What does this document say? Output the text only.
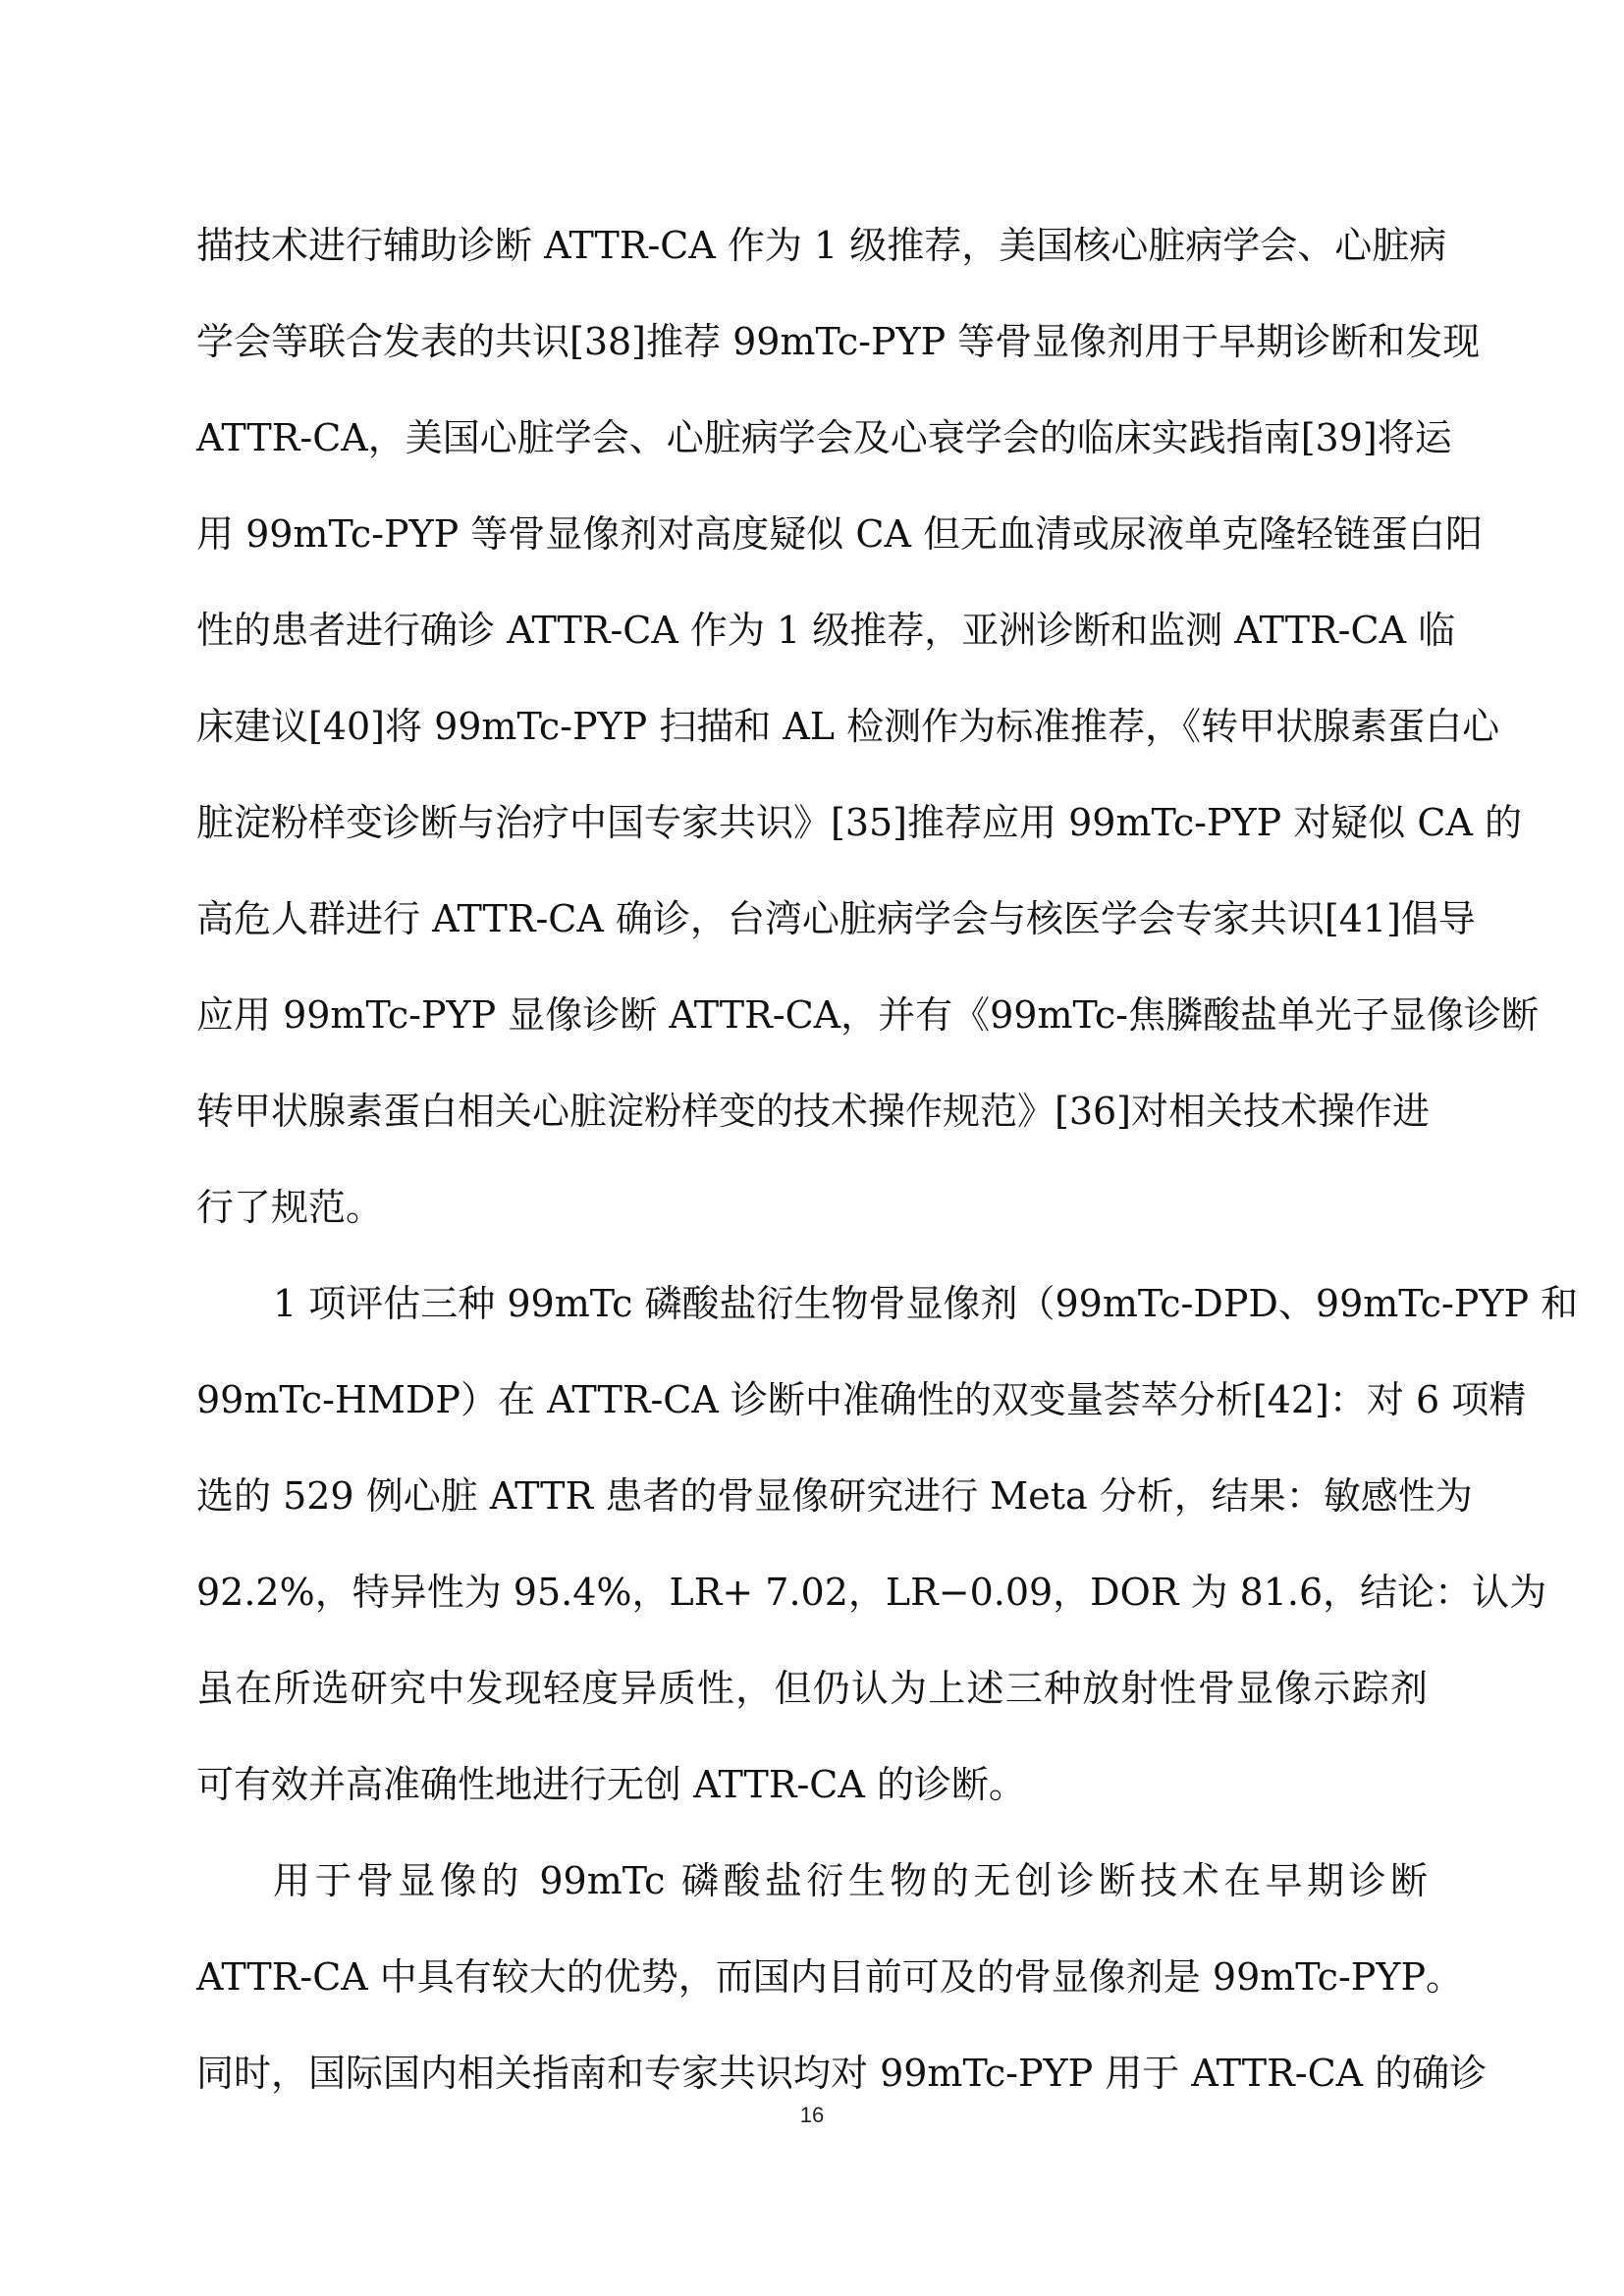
描技术进行辅助诊断 ATTR-CA 作为 1 级推荐，美国核心脏病学会、心脏病
学会等联合发表的共识[38]推荐 99mTc-PYP 等骨显像剂用于早期诊断和发现
ATTR-CA，美国心脏学会、心脏病学会及心衰学会的临床实践指南[39]将运
用 99mTc-PYP 等骨显像剂对高度疑似 CA 但无血清或尿液单克隆轻链蛋白阳
性的患者进行确诊 ATTR-CA 作为 1 级推荐，亚洲诊断和监测 ATTR-CA 临
床建议[40]将 99mTc-PYP 扫描和 AL 检测作为标准推荐，《转甲状腺素蛋白心
脏淀粉样变诊断与治疗中国专家共识》[35]推荐应用 99mTc-PYP 对疑似 CA 的
高危人群进行 ATTR-CA 确诊，台湾心脏病学会与核医学会专家共识[41]倡导
应用 99mTc-PYP 显像诊断 ATTR-CA，并有《99mTc-焦膦酸盐单光子显像诊断
转甲状腺素蛋白相关心脏淀粉样变的技术操作规范》[36]对相关技术操作进
行了规范。
1 项评估三种 99mTc 磷酸盐衍生物骨显像剂（99mTc-DPD、99mTc-PYP 和
99mTc-HMDP）在 ATTR-CA 诊断中准确性的双变量荟萃分析[42]：对 6 项精
选的 529 例心脏 ATTR 患者的骨显像研究进行 Meta 分析，结果：敏感性为
92.2%，特异性为 95.4%，LR+ 7.02，LR−0.09，DOR 为 81.6，结论：认为
虽在所选研究中发现轻度异质性，但仍认为上述三种放射性骨显像示踪剂
可有效并高准确性地进行无创 ATTR-CA 的诊断。
用于骨显像的 99mTc 磷酸盐衍生物的无创诊断技术在早期诊断
ATTR-CA 中具有较大的优势，而国内目前可及的骨显像剂是 99mTc-PYP。
同时，国际国内相关指南和专家共识均对 99mTc-PYP 用于 ATTR-CA 的确诊
16
